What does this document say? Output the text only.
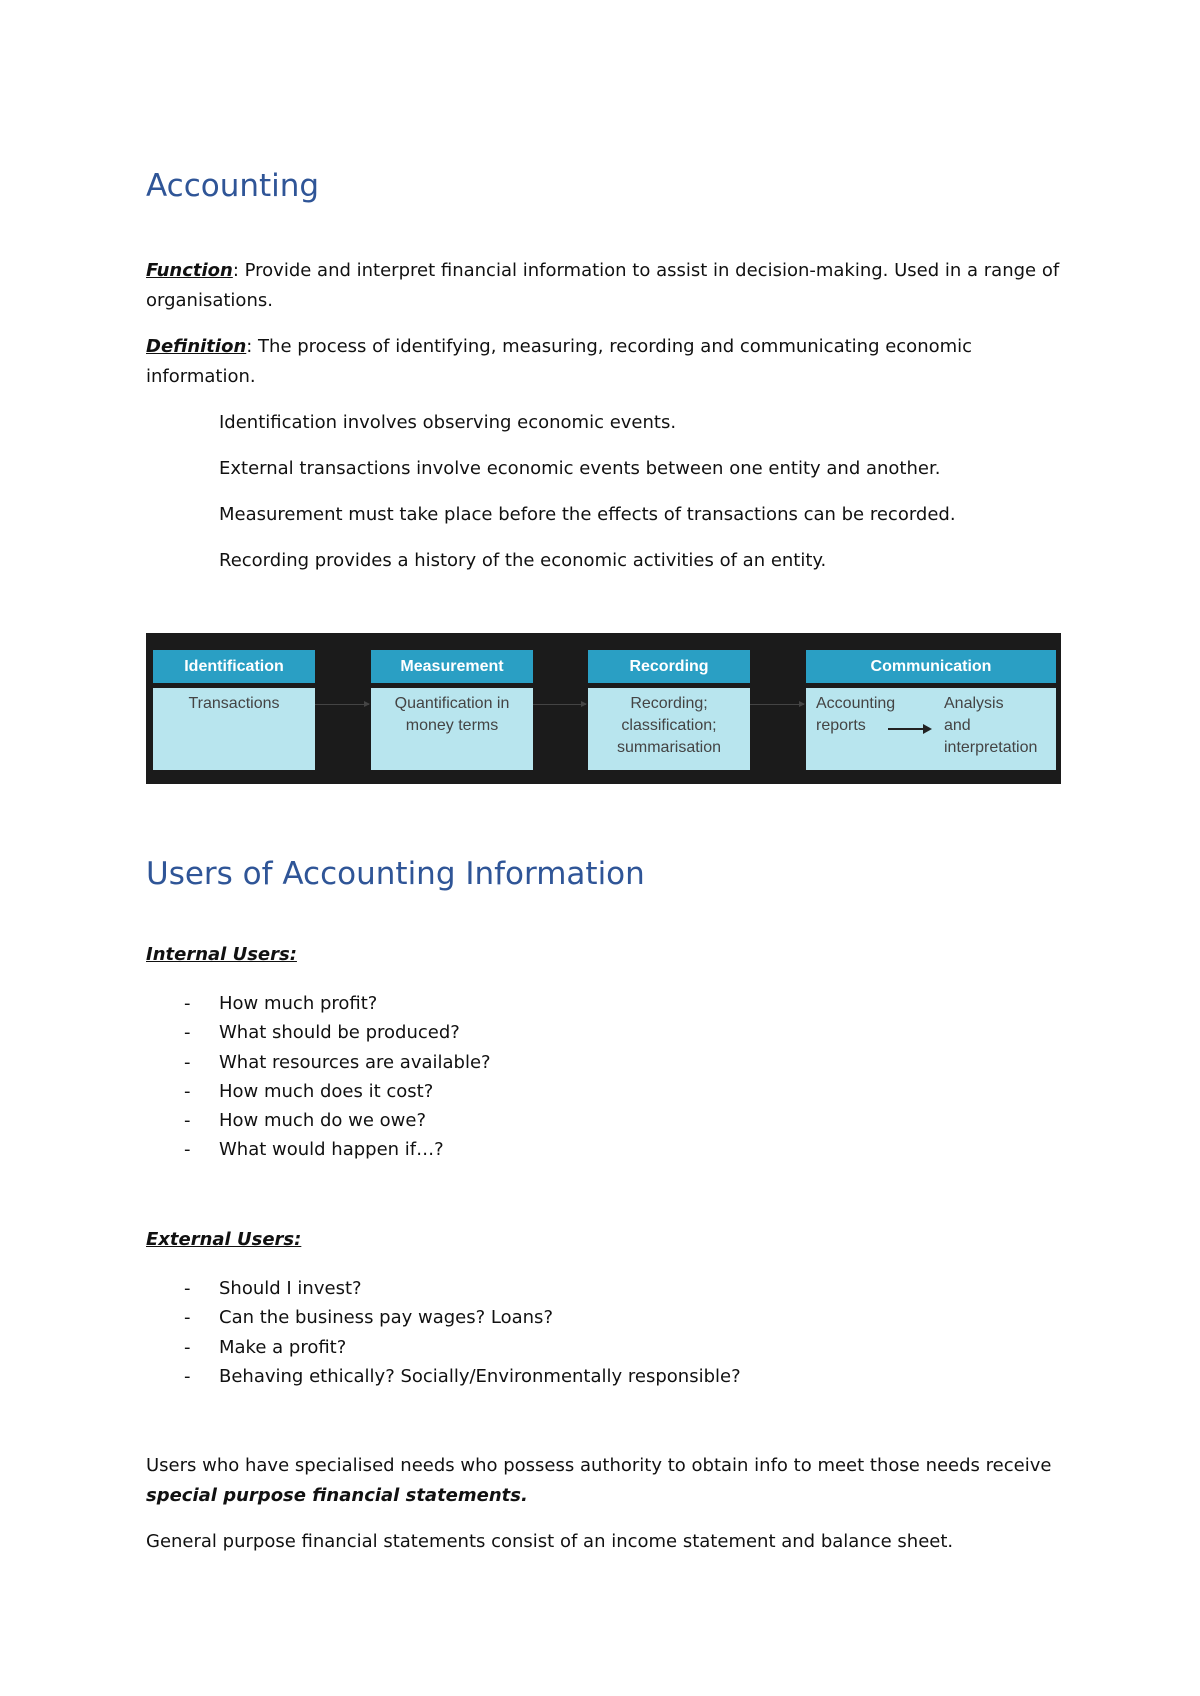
Accounting

Function: Provide and interpret financial information to assist in decision-making. Used in a range of organisations.

Definition: The process of identifying, measuring, recording and communicating economic information.

Identification involves observing economic events.

External transactions involve economic events between one entity and another.

Measurement must take place before the effects of transactions can be recorded.

Recording provides a history of the economic activities of an entity.

Identification
Transactions
Measurement
Quantification in
money terms
Recording
Recording;
classification;
summarisation
Communication
Accounting
reports
Analysis
and
interpretation
Users of Accounting Information

Internal Users:

- How much profit?
- What should be produced?
- What resources are available?
- How much does it cost?
- How much do we owe?
- What would happen if…?

External Users:

- Should I invest?
- Can the business pay wages? Loans?
- Make a profit?
- Behaving ethically? Socially/Environmentally responsible?

Users who have specialised needs who possess authority to obtain info to meet those needs receive special purpose financial statements.

General purpose financial statements consist of an income statement and balance sheet.
